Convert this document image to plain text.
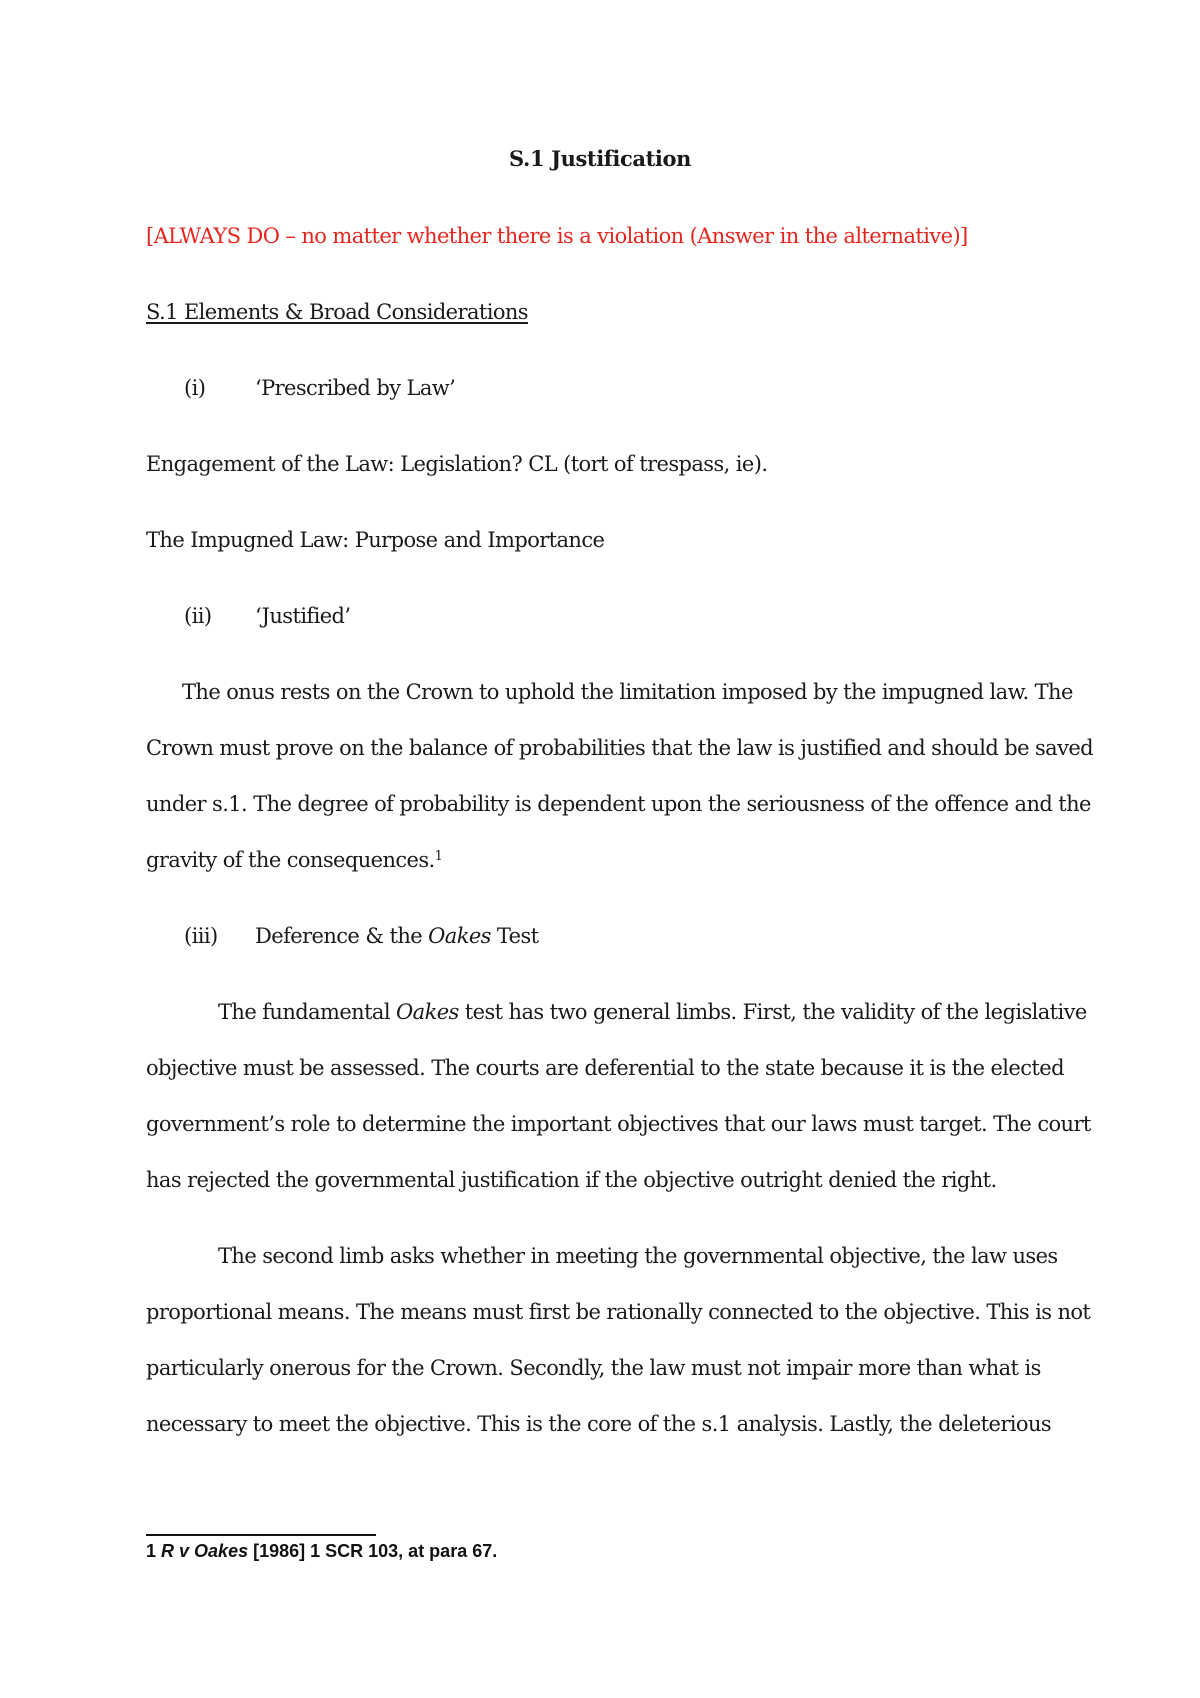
S.1 Justification
[ALWAYS DO – no matter whether there is a violation (Answer in the alternative)]
S.1 Elements & Broad Considerations
(i) ‘Prescribed by Law’
Engagement of the Law: Legislation? CL (tort of trespass, ie).
The Impugned Law: Purpose and Importance
(ii) ‘Justified’
The onus rests on the Crown to uphold the limitation imposed by the impugned law. The
Crown must prove on the balance of probabilities that the law is justified and should be saved
under s.1. The degree of probability is dependent upon the seriousness of the offence and the
gravity of the consequences.$^1$
(iii) Deference & the Oakes Test
The fundamental Oakes test has two general limbs. First, the validity of the legislative
objective must be assessed. The courts are deferential to the state because it is the elected
government’s role to determine the important objectives that our laws must target. The court
has rejected the governmental justification if the objective outright denied the right.
The second limb asks whether in meeting the governmental objective, the law uses
proportional means. The means must first be rationally connected to the objective. This is not
particularly onerous for the Crown. Secondly, the law must not impair more than what is
necessary to meet the objective. This is the core of the s.1 analysis. Lastly, the deleterious
1 R v Oakes [1986] 1 SCR 103, at para 67.
